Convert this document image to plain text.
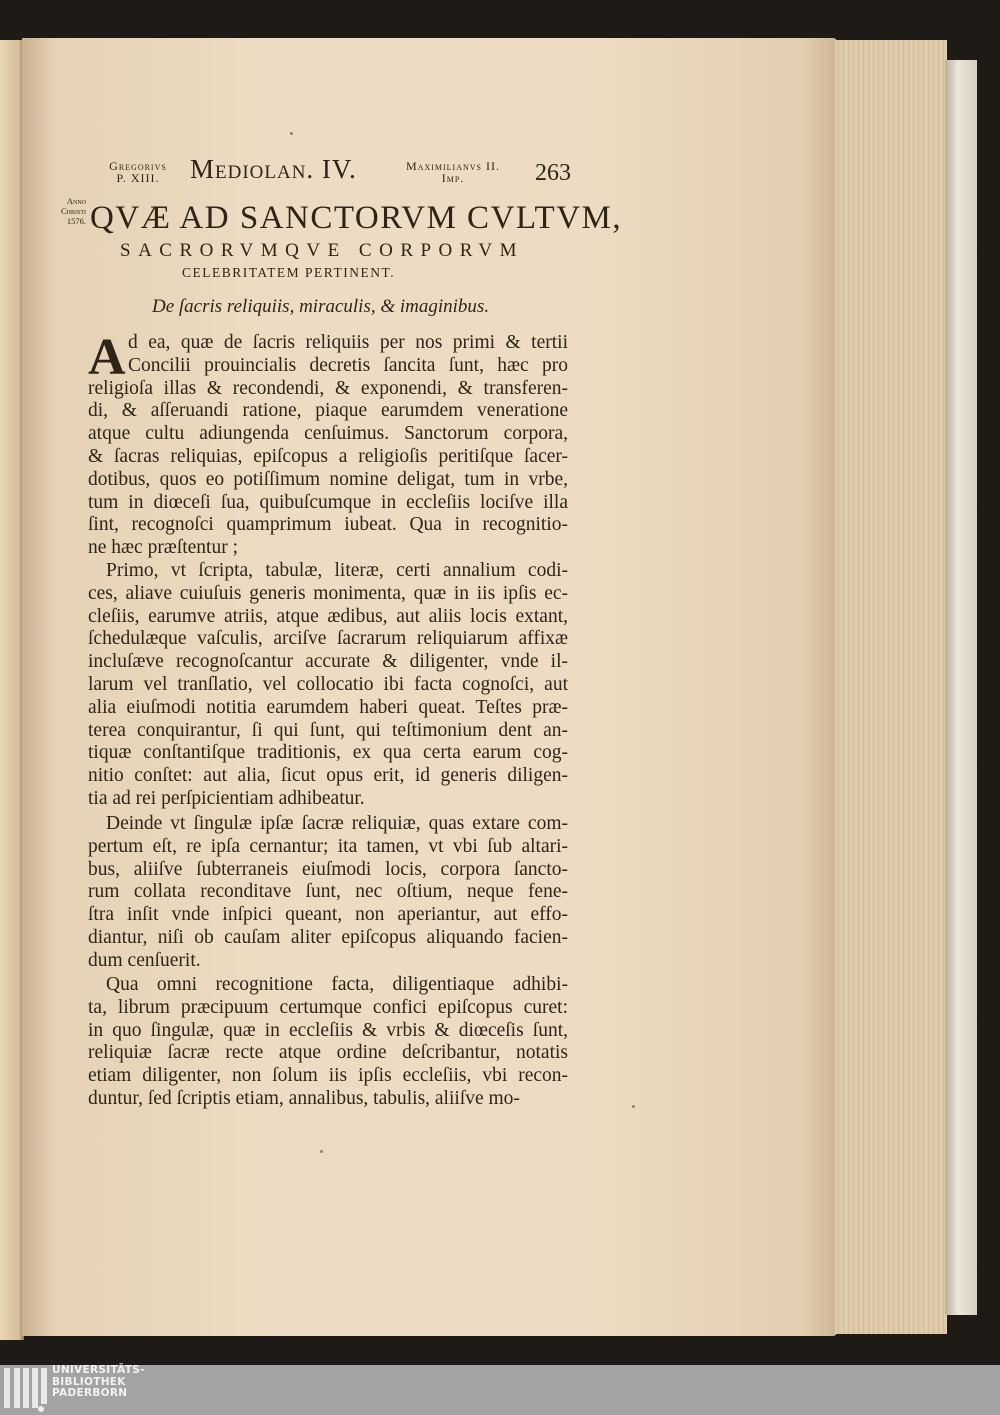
Gregorivs
P. XIII.	Mediolan. IV.	Maximilianvs II.
Imp.	263
Anno
Christi
1576. QVÆ AD SANCTORVM CVLTVM,
SACRORVMQVE CORPORVM
CELEBRITATEM PERTINENT.
De ſacris reliquiis, miraculis, & imaginibus.
A d ea, quæ de ſacris reliquiis per nos primi & tertii
Concilii prouincialis decretis ſancita ſunt, hæc pro
religioſa illas & recondendi, & exponendi, & transferen-
di, & aſſeruandi ratione, piaque earumdem veneratione
atque cultu adiungenda cenſuimus. Sanctorum corpora,
& ſacras reliquias, epiſcopus a religioſis peritiſque ſacer-
dotibus, quos eo potiſſimum nomine deligat, tum in vrbe,
tum in diœceſi ſua, quibuſcumque in eccleſiis lociſve illa
ſint, recognoſci quamprimum iubeat. Qua in recognitio-
ne hæc præſtentur ;
Primo, vt ſcripta, tabulæ, literæ, certi annalium codi-
ces, aliave cuiuſuis generis monimenta, quæ in iis ipſis ec-
cleſiis, earumve atriis, atque ædibus, aut aliis locis extant,
ſchedulæque vaſculis, arciſve ſacrarum reliquiarum affixæ
incluſæve recognoſcantur accurate & diligenter, vnde il-
larum vel tranſlatio, vel collocatio ibi facta cognoſci, aut
alia eiuſmodi notitia earumdem haberi queat. Teſtes præ-
terea conquirantur, ſi qui ſunt, qui teſtimonium dent an-
tiquæ conſtantiſque traditionis, ex qua certa earum cog-
nitio conſtet: aut alia, ſicut opus erit, id generis diligen-
tia ad rei perſpicientiam adhibeatur.
Deinde vt ſingulæ ipſæ ſacræ reliquiæ, quas extare com-
pertum eſt, re ipſa cernantur; ita tamen, vt vbi ſub altari-
bus, aliiſve ſubterraneis eiuſmodi locis, corpora ſancto-
rum collata reconditave ſunt, nec oſtium, neque fene-
ſtra inſit vnde inſpici queant, non aperiantur, aut effo-
diantur, niſi ob cauſam aliter epiſcopus aliquando facien-
dum cenſuerit.
Qua omni recognitione facta, diligentiaque adhibi-
ta, librum præcipuum certumque confici epiſcopus curet:
in quo ſingulæ, quæ in eccleſiis & vrbis & diœceſis ſunt,
reliquiæ ſacræ recte atque ordine deſcribantur, notatis
etiam diligenter, non ſolum iis ipſis eccleſiis, vbi recon-
duntur, ſed ſcriptis etiam, annalibus, tabulis, aliiſve mo-
UNIVERSITÄTS-
BIBLIOTHEK
PADERBORN
